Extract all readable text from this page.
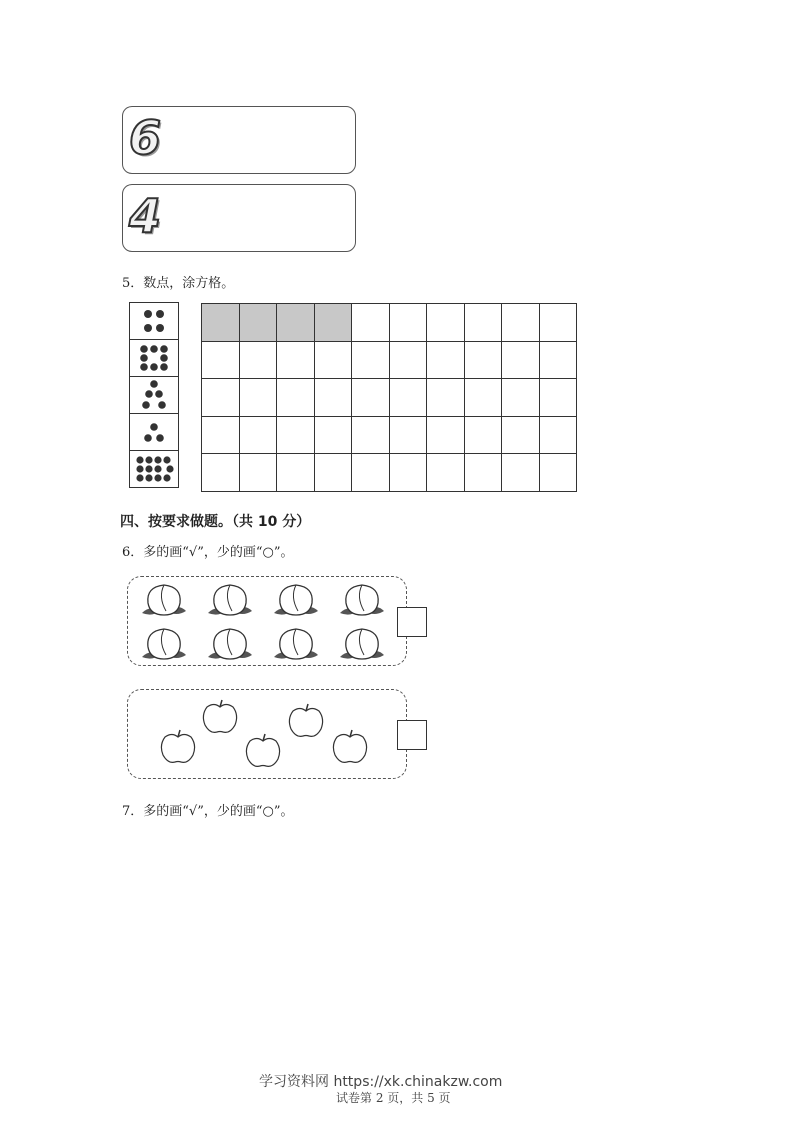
6
4
5．数点，涂方格。

四、按要求做题。（共 10 分）
6．多的画“√”，少的画“○”。
7．多的画“√”，少的画“○”。
学习资料网 https://xk.chinakzw.com
试卷第 2 页，共 5 页
